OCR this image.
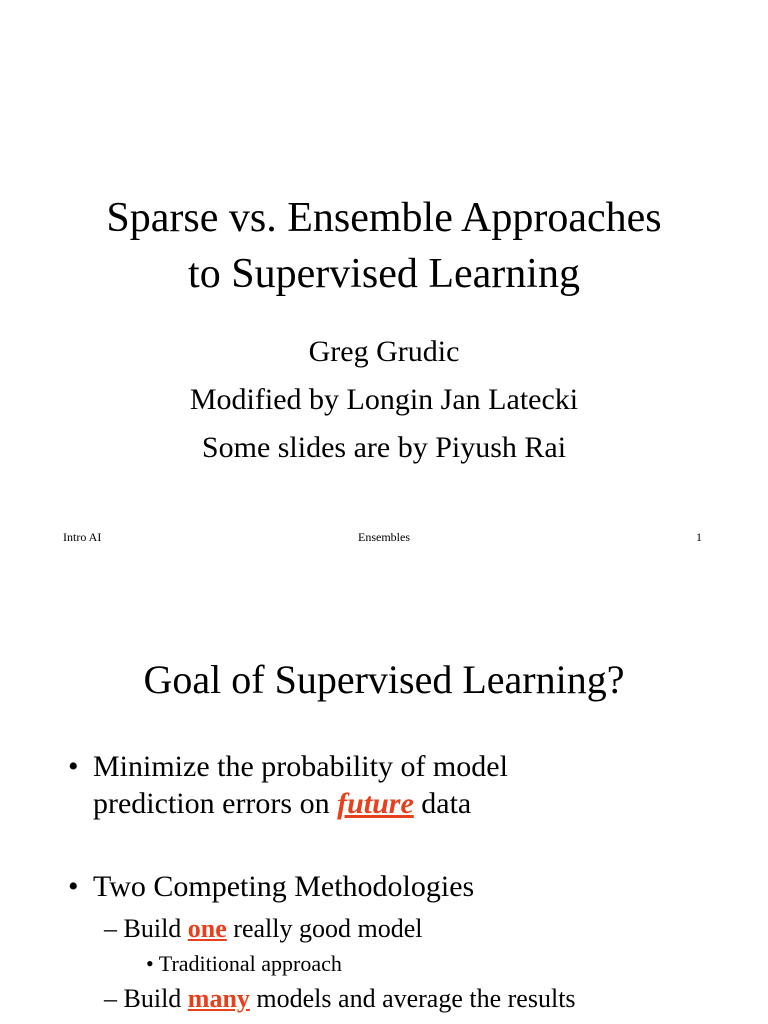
Sparse vs. Ensemble Approaches
to Supervised Learning
Greg Grudic
Modified by Longin Jan Latecki
Some slides are by Piyush Rai
Intro AI	Ensembles	1
Goal of Supervised Learning?
• Minimize the probability of model
prediction errors on future data
• Two Competing Methodologies
– Build one really good model
• Traditional approach
– Build many models and average the results
